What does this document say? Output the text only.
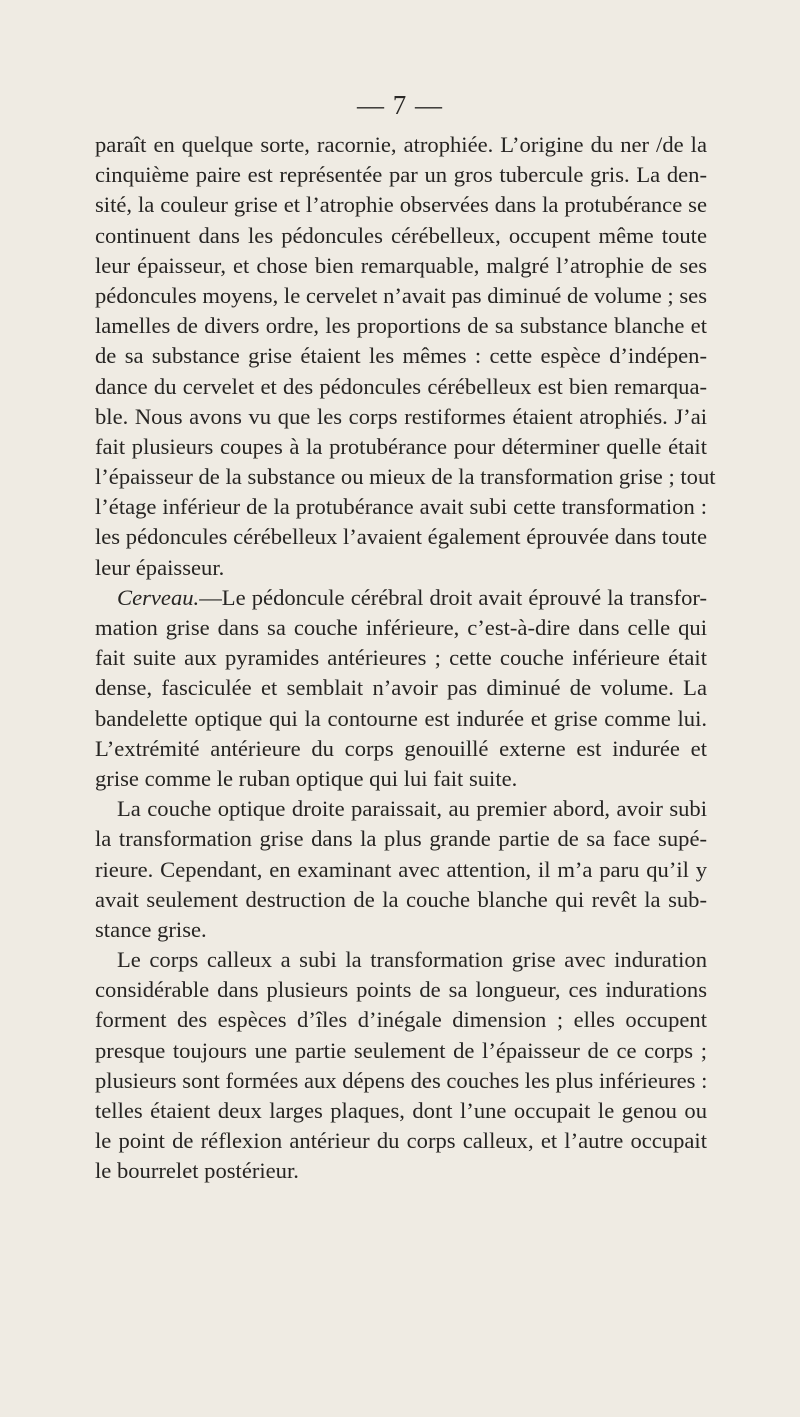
— 7 —
paraît en quelque sorte, racornie, atrophiée. L’origine du ner /de la
cinquième paire est représentée par un gros tubercule gris. La den-
sité, la couleur grise et l’atrophie observées dans la protubérance se
continuent dans les pédoncules cérébelleux, occupent même toute
leur épaisseur, et chose bien remarquable, malgré l’atrophie de ses
pédoncules moyens, le cervelet n’avait pas diminué de volume ; ses
lamelles de divers ordre, les proportions de sa substance blanche et
de sa substance grise étaient les mêmes : cette espèce d’indépen-
dance du cervelet et des pédoncules cérébelleux est bien remarqua-
ble. Nous avons vu que les corps restiformes étaient atrophiés. J’ai
fait plusieurs coupes à la protubérance pour déterminer quelle était
l’épaisseur de la substance ou mieux de la transformation grise ; tout
l’étage inférieur de la protubérance avait subi cette transformation :
les pédoncules cérébelleux l’avaient également éprouvée dans toute
leur épaisseur.
Cerveau.—Le pédoncule cérébral droit avait éprouvé la transfor-
mation grise dans sa couche inférieure, c’est-à-dire dans celle qui
fait suite aux pyramides antérieures ; cette couche inférieure était
dense, fasciculée et semblait n’avoir pas diminué de volume. La
bandelette optique qui la contourne est indurée et grise comme lui.
L’extrémité antérieure du corps genouillé externe est indurée et
grise comme le ruban optique qui lui fait suite.
La couche optique droite paraissait, au premier abord, avoir subi
la transformation grise dans la plus grande partie de sa face supé-
rieure. Cependant, en examinant avec attention, il m’a paru qu’il y
avait seulement destruction de la couche blanche qui revêt la sub-
stance grise.
Le corps calleux a subi la transformation grise avec induration
considérable dans plusieurs points de sa longueur, ces indurations
forment des espèces d’îles d’inégale dimension ; elles occupent
presque toujours une partie seulement de l’épaisseur de ce corps ;
plusieurs sont formées aux dépens des couches les plus inférieures :
telles étaient deux larges plaques, dont l’une occupait le genou ou
le point de réflexion antérieur du corps calleux, et l’autre occupait
le bourrelet postérieur.
